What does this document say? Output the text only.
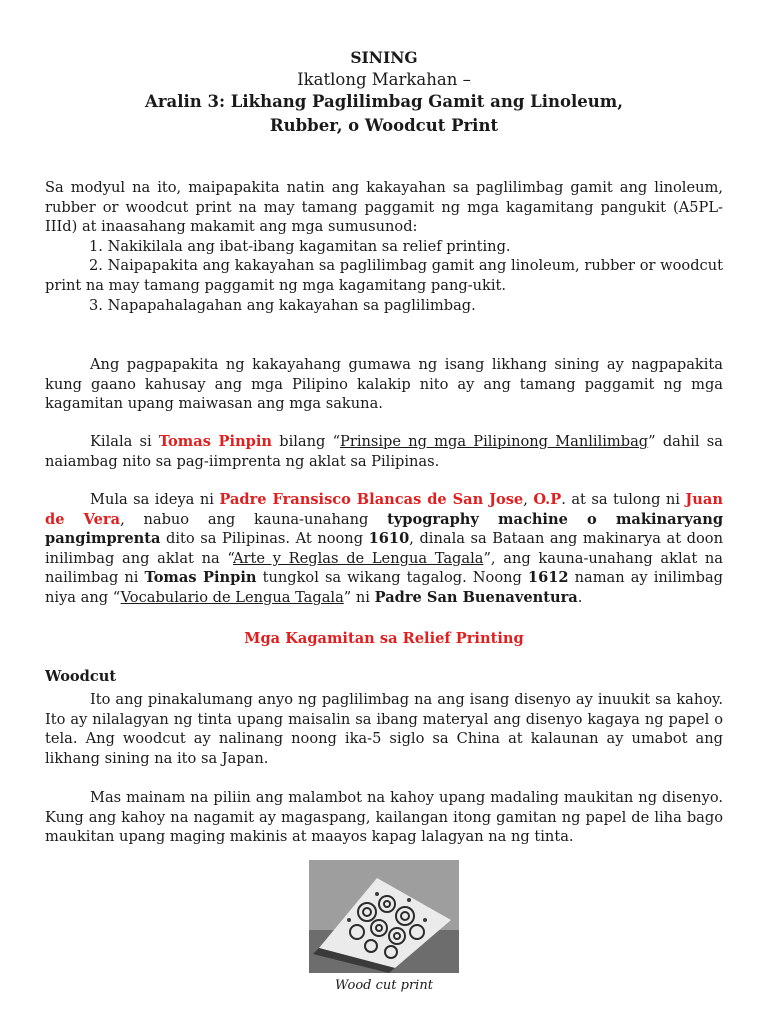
SINING
Ikatlong Markahan –
Aralin 3: Likhang Paglilimbag Gamit ang Linoleum,
Rubber, o Woodcut Print

Sa modyul na ito, maipapakita natin ang kakayahan sa paglilimbag gamit ang linoleum, rubber or woodcut print na may tamang paggamit ng mga kagamitang pangukit (A5PL-IIId) at inaasahang makamit ang mga sumusunod:

1. Nakikilala ang ibat-ibang kagamitan sa relief printing.
2. Naipapakita ang kakayahan sa paglilimbag gamit ang linoleum, rubber or woodcut print na may tamang paggamit ng mga kagamitang pang-ukit.
3. Napapahalagahan ang kakayahan sa paglilimbag.

Ang pagpapakita ng kakayahang gumawa ng isang likhang sining ay nagpapakita kung gaano kahusay ang mga Pilipino kalakip nito ay ang tamang paggamit ng mga kagamitan upang maiwasan ang mga sakuna.

Kilala si Tomas Pinpin bilang “Prinsipe ng mga Pilipinong Manlilimbag” dahil sa naiambag nito sa pag-iimprenta ng aklat sa Pilipinas.

Mula sa ideya ni Padre Fransisco Blancas de San Jose, O.P. at sa tulong ni Juan de Vera, nabuo ang kauna-unahang typography machine o makinaryang pangimprenta dito sa Pilipinas. At noong 1610, dinala sa Bataan ang makinarya at doon inilimbag ang aklat na “Arte y Reglas de Lengua Tagala”, ang kauna-unahang aklat na nailimbag ni Tomas Pinpin tungkol sa wikang tagalog. Noong 1612 naman ay inilimbag niya ang “Vocabulario de Lengua Tagala” ni Padre San Buenaventura.

Mga Kagamitan sa Relief Printing
Woodcut

Ito ang pinakalumang anyo ng paglilimbag na ang isang disenyo ay inuukit sa kahoy. Ito ay nilalagyan ng tinta upang maisalin sa ibang materyal ang disenyo kagaya ng papel o tela. Ang woodcut ay nalinang noong ika-5 siglo sa China at kalaunan ay umabot ang likhang sining na ito sa Japan.

Mas mainam na piliin ang malambot na kahoy upang madaling maukitan ng disenyo. Kung ang kahoy na nagamit ay magaspang, kailangan itong gamitan ng papel de liha bago maukitan upang maging makinis at maayos kapag lalagyan na ng tinta.

Wood cut print
